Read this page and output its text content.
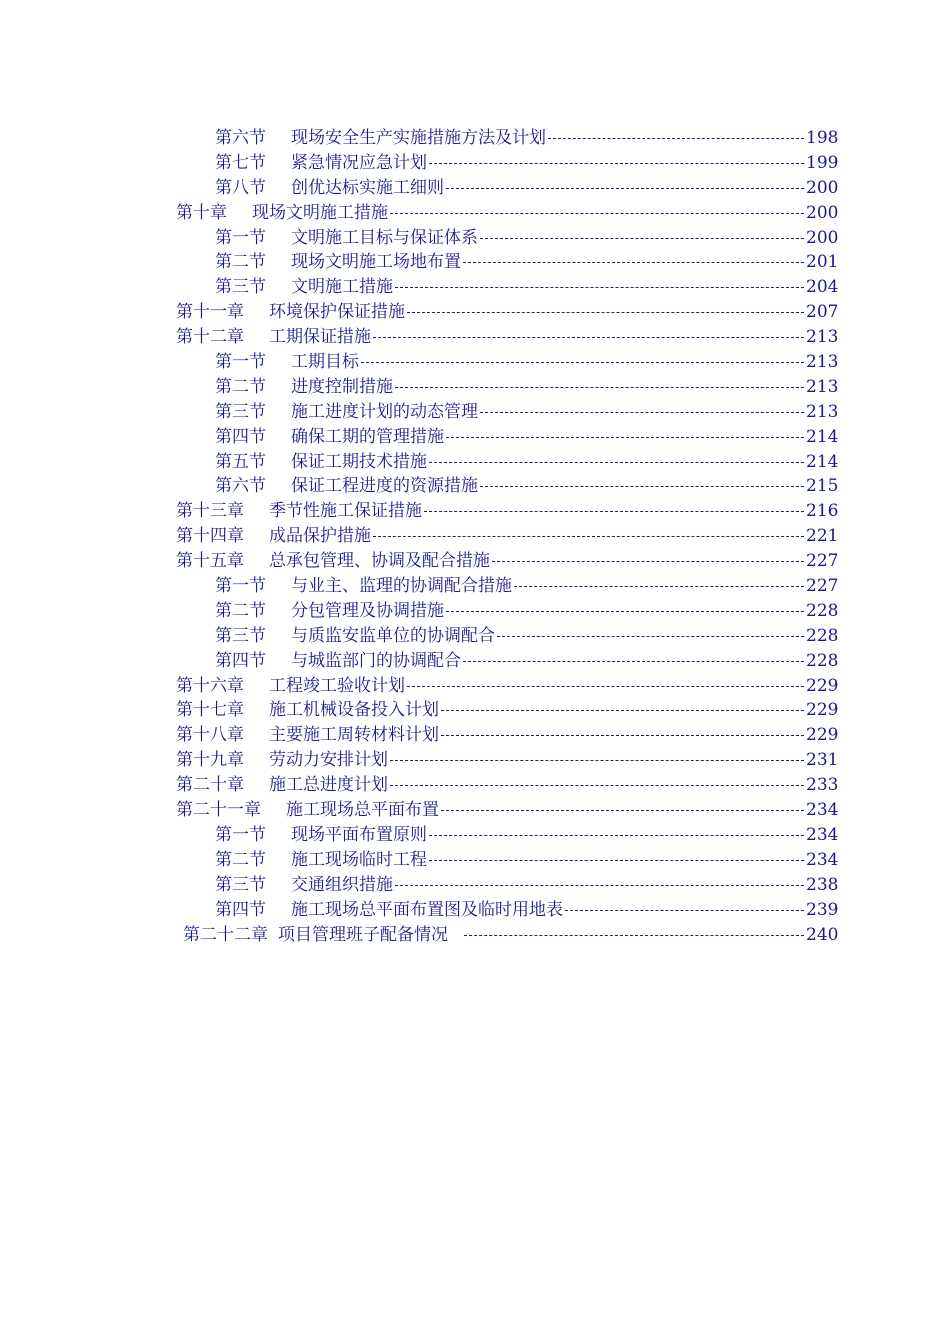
第六节 现场安全生产实施措施方法及计划	198
第七节 紧急情况应急计划	199
第八节 创优达标实施工细则	200
第十章 现场文明施工措施	200
第一节 文明施工目标与保证体系	200
第二节 现场文明施工场地布置	201
第三节 文明施工措施	204
第十一章 环境保护保证措施	207
第十二章 工期保证措施	213
第一节 工期目标	213
第二节 进度控制措施	213
第三节 施工进度计划的动态管理	213
第四节 确保工期的管理措施	214
第五节 保证工期技术措施	214
第六节 保证工程进度的资源措施	215
第十三章 季节性施工保证措施	216
第十四章 成品保护措施	221
第十五章 总承包管理、协调及配合措施	227
第一节 与业主、监理的协调配合措施	227
第二节 分包管理及协调措施	228
第三节 与质监安监单位的协调配合	228
第四节 与城监部门的协调配合	228
第十六章 工程竣工验收计划	229
第十七章 施工机械设备投入计划	229
第十八章 主要施工周转材料计划	229
第十九章 劳动力安排计划	231
第二十章 施工总进度计划	233
第二十一章 施工现场总平面布置	234
第一节 现场平面布置原则	234
第二节 施工现场临时工程	234
第三节 交通组织措施	238
第四节 施工现场总平面布置图及临时用地表	239
第二十二章 项目管理班子配备情况	240
